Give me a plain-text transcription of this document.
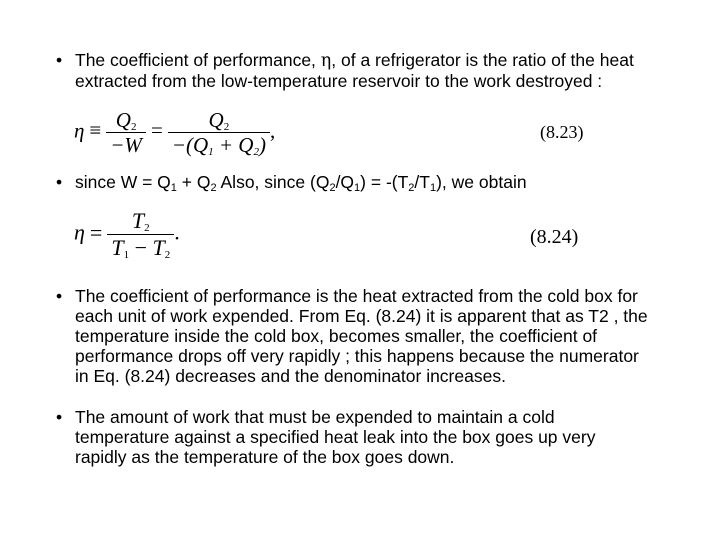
• The coefficient of performance, η, of a refrigerator is the ratio of the heat extracted from the low-temperature reservoir to the work destroyed :
$\eta \equiv \frac{Q_2}{-W} = \frac{Q_2}{-(Q_1 + Q_2)}$ ,	(8.23)
• since $W = Q_1 + Q_2$ Also, since $(Q_2/Q_1) = -(T_2/T_1)$, we obtain
$\eta = \frac{T_2}{T_1 - T_2}$ .	(8.24)
• The coefficient of performance is the heat extracted from the cold box for each unit of work expended. From Eq. (8.24) it is apparent that as T2 , the temperature inside the cold box, becomes smaller, the coefficient of performance drops off very rapidly ; this happens because the numerator in Eq. (8.24) decreases and the denominator increases.
• The amount of work that must be expended to maintain a cold temperature against a specified heat leak into the box goes up very rapidly as the temperature of the box goes down.
